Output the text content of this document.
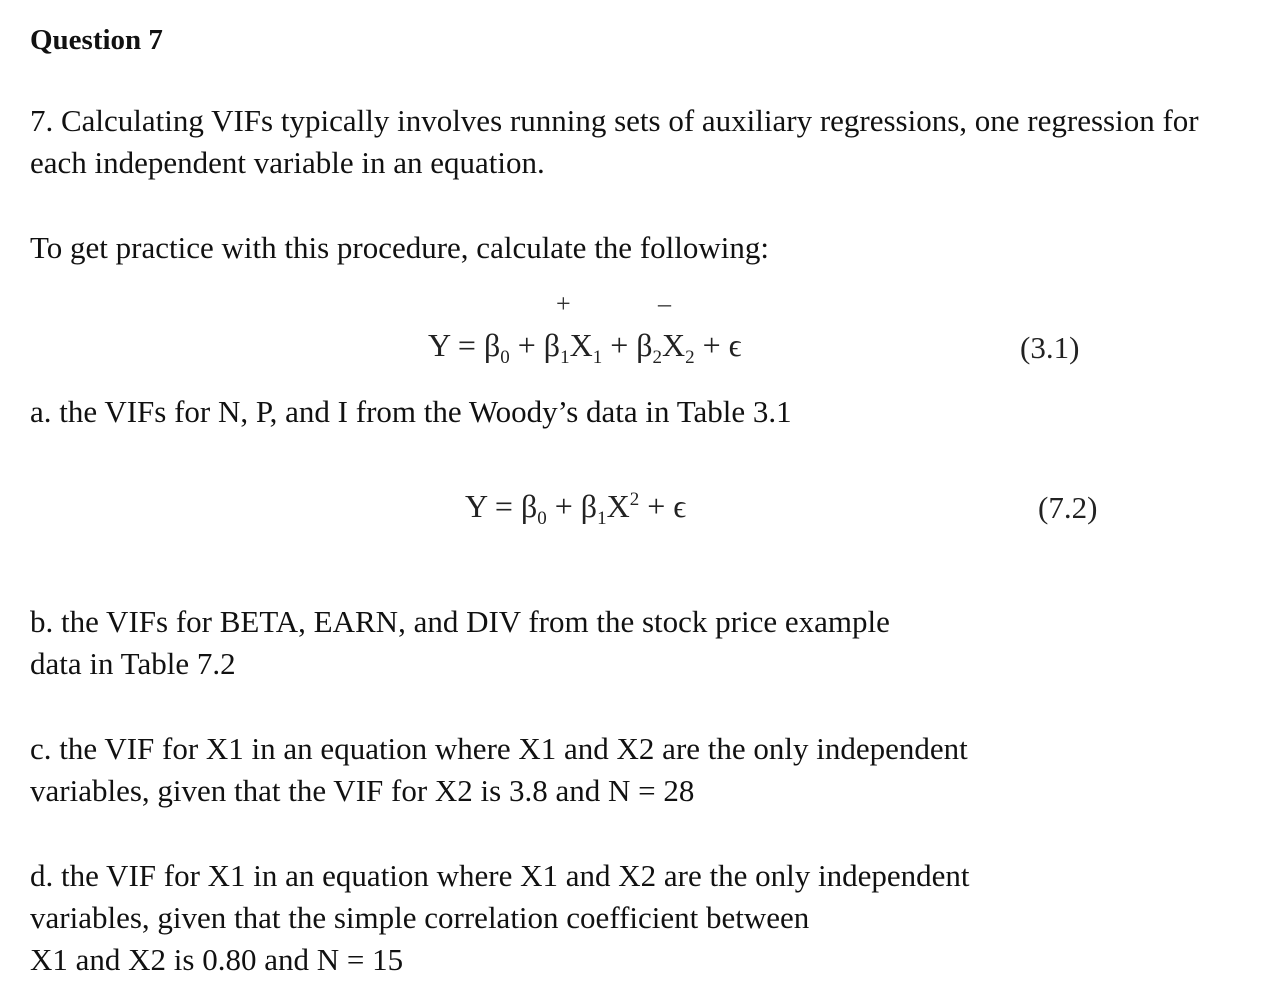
Question 7
7. Calculating VIFs typically involves running sets of auxiliary regressions, one regression for
each independent variable in an equation.
To get practice with this procedure, calculate the following:
+	–
$Y = \beta_0 + \beta_1X_1 + \beta_2X_2 + \epsilon$	(3.1)
a. the VIFs for N, P, and I from the Woody’s data in Table 3.1
$Y = \beta_0 + \beta_1X^2 + \epsilon$	(7.2)
b. the VIFs for BETA, EARN, and DIV from the stock price example
data in Table 7.2
c. the VIF for X1 in an equation where X1 and X2 are the only independent
variables, given that the VIF for X2 is 3.8 and N = 28
d. the VIF for X1 in an equation where X1 and X2 are the only independent
variables, given that the simple correlation coefficient between
X1 and X2 is 0.80 and N = 15
